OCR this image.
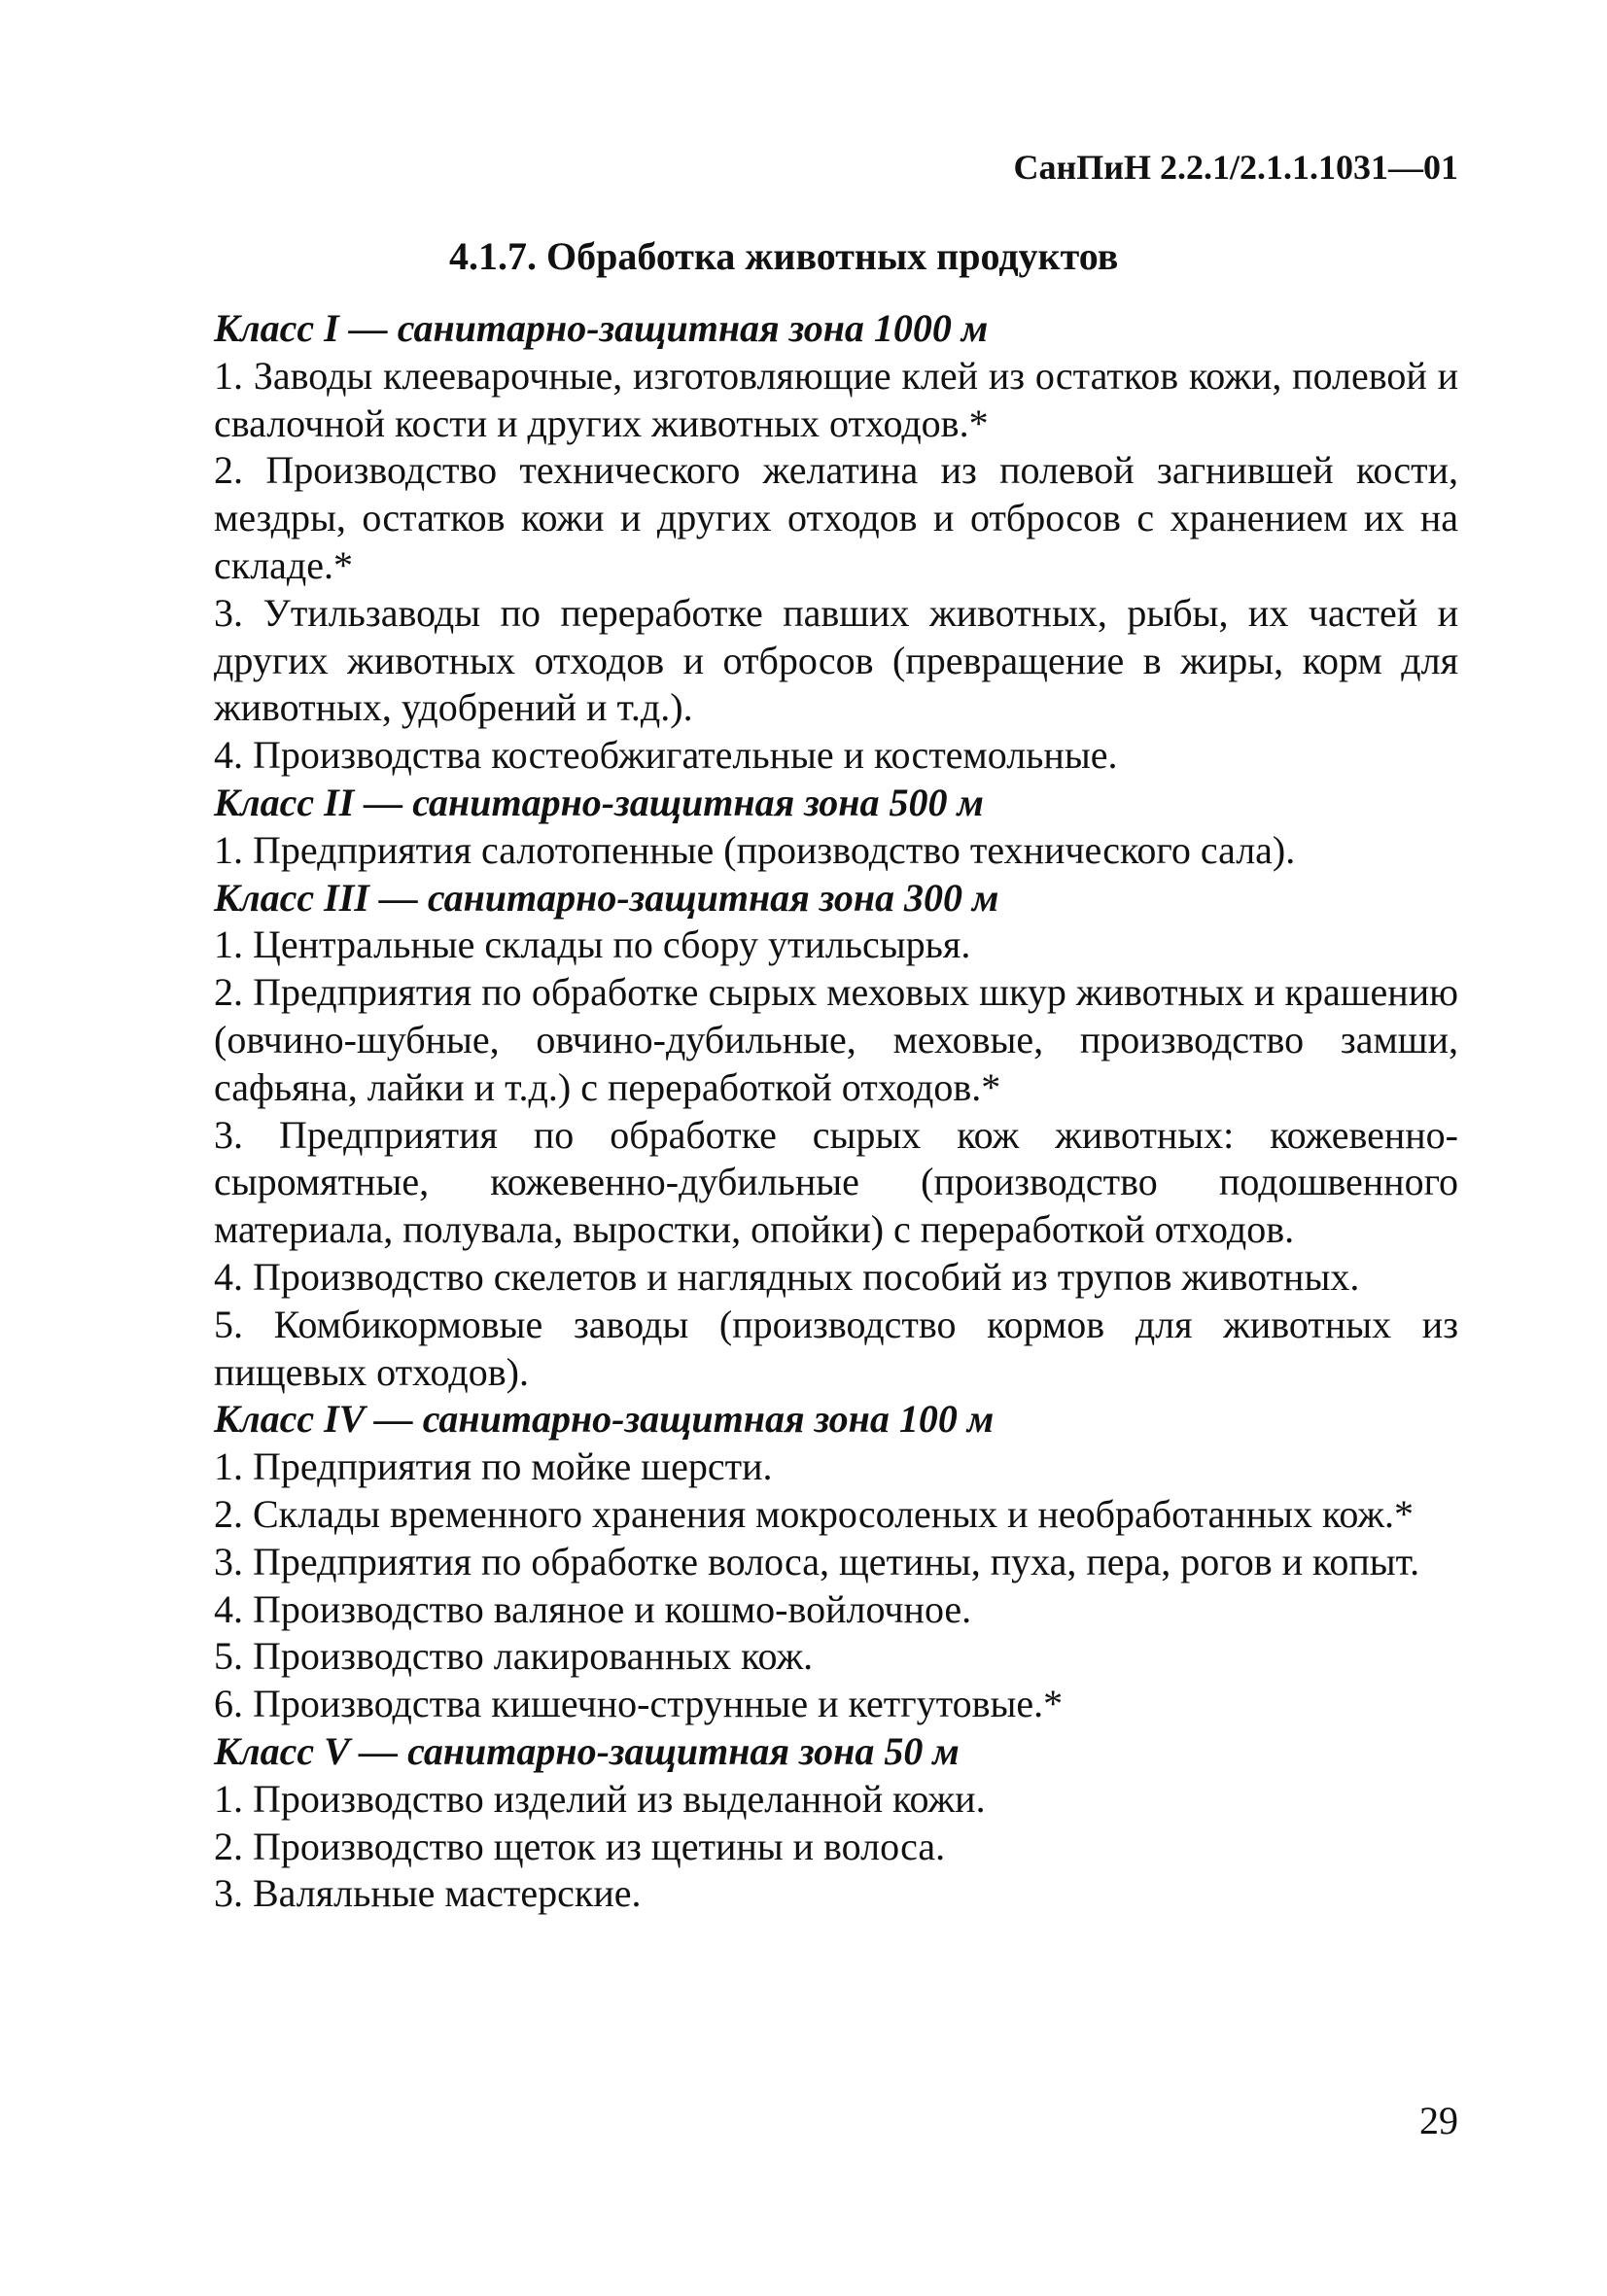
СанПиН 2.2.1/2.1.1.1031—01
4.1.7. Обработка животных продуктов
Класс I — санитарно-защитная зона 1000 м
1. Заводы клееварочные, изготовляющие клей из остатков кожи, полевой и свалочной кости и других животных отходов.*
2. Производство технического желатина из полевой загнившей кости, мездры, остатков кожи и других отходов и отбросов с хранением их на складе.*
3. Утильзаводы по переработке павших животных, рыбы, их частей и других животных отходов и отбросов (превращение в жиры, корм для животных, удобрений и т.д.).
4. Производства костеобжигательные и костемольные.
Класс II — санитарно-защитная зона 500 м
1. Предприятия салотопенные (производство технического сала).
Класс III — санитарно-защитная зона 300 м
1. Центральные склады по сбору утильсырья.
2. Предприятия по обработке сырых меховых шкур животных и крашению (овчино-шубные, овчино-дубильные, меховые, производство замши, сафьяна, лайки и т.д.) с переработкой отходов.*
3. Предприятия по обработке сырых кож животных: кожевенно-сыромятные, кожевенно-дубильные (производство подошвенного материала, полувала, выростки, опойки) с переработкой отходов.
4. Производство скелетов и наглядных пособий из трупов животных.
5. Комбикормовые заводы (производство кормов для животных из пищевых отходов).
Класс IV — санитарно-защитная зона 100 м
1. Предприятия по мойке шерсти.
2. Склады временного хранения мокросоленых и необработанных кож.*
3. Предприятия по обработке волоса, щетины, пуха, пера, рогов и копыт.
4. Производство валяное и кошмо-войлочное.
5. Производство лакированных кож.
6. Производства кишечно-струнные и кетгутовые.*
Класс V — санитарно-защитная зона 50 м
1. Производство изделий из выделанной кожи.
2. Производство щеток из щетины и волоса.
3. Валяльные мастерские.
29
